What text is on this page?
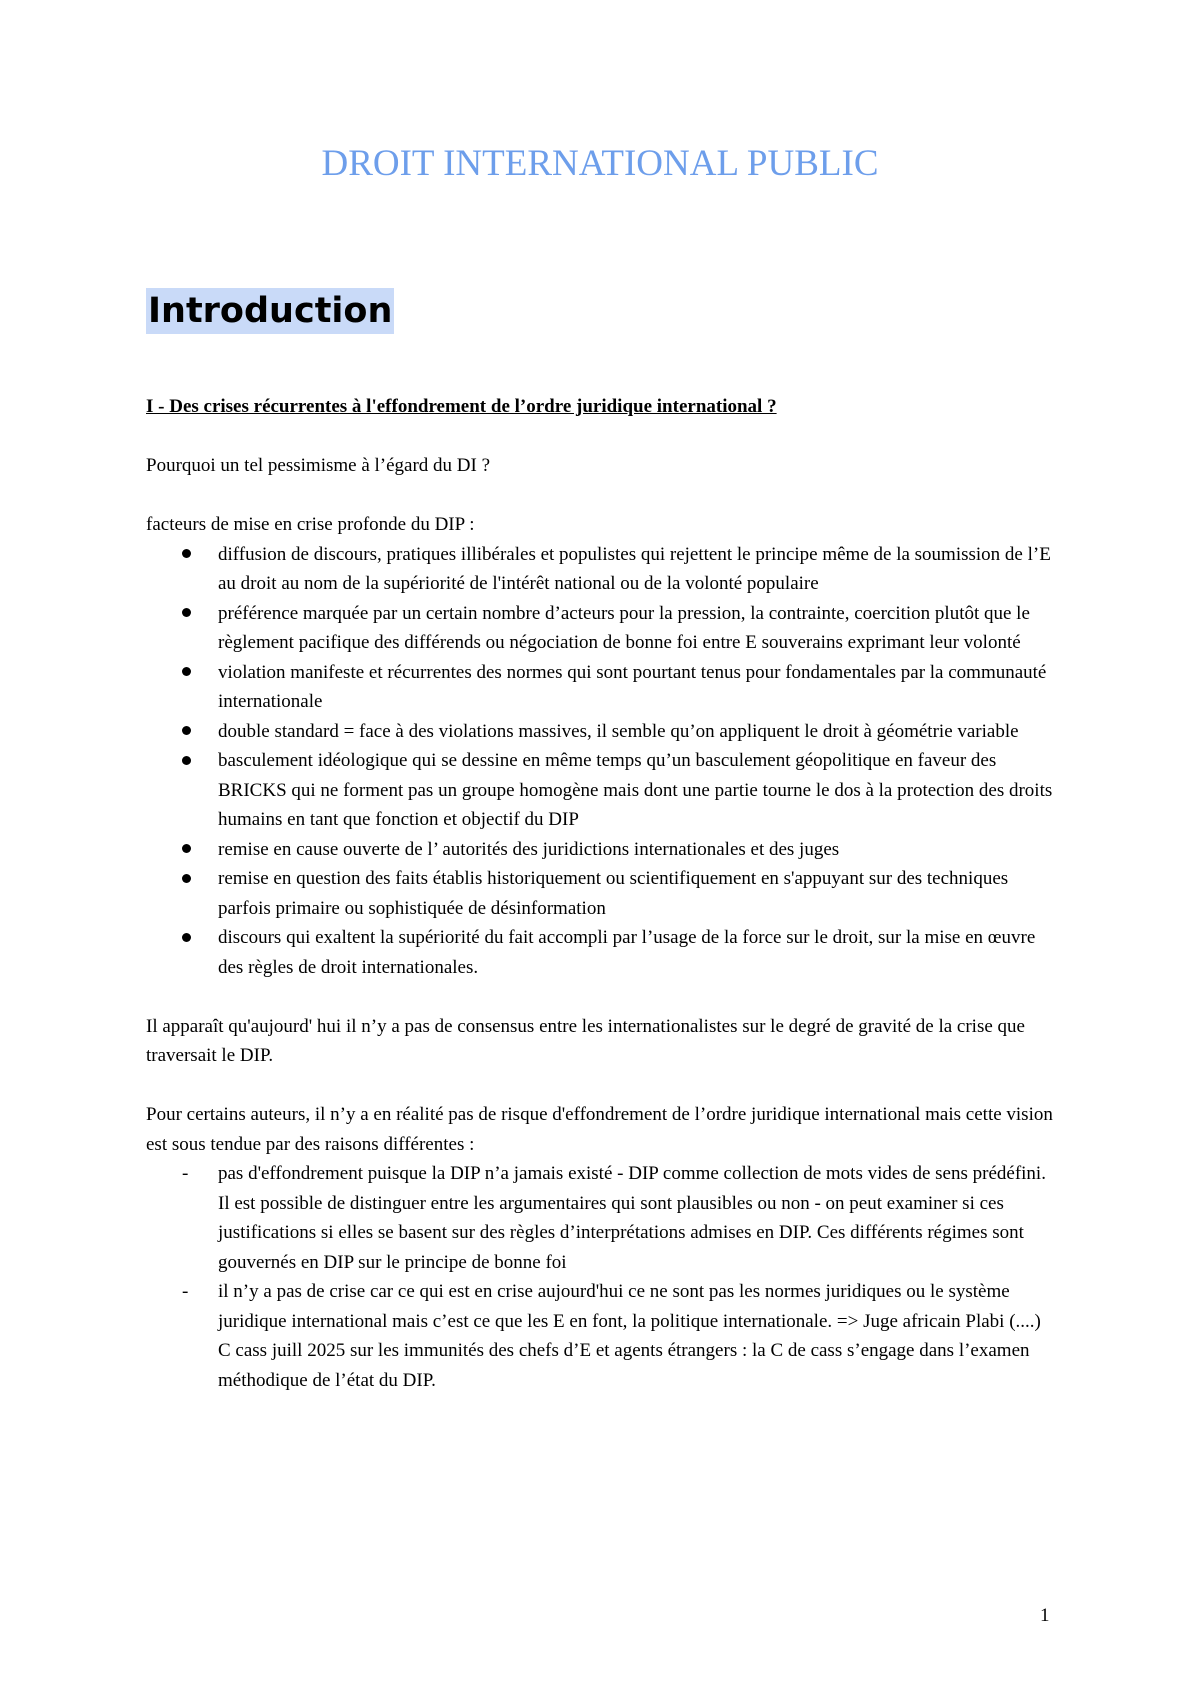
DROIT INTERNATIONAL PUBLIC
Introduction

I - Des crises récurrentes à l'effondrement de l’ordre juridique international ?

Pourquoi un tel pessimisme à l’égard du DI ?

facteurs de mise en crise profonde du DIP :

diffusion de discours, pratiques illibérales et populistes qui rejettent le principe même de la soumission de l’E au droit au nom de la supériorité de l'intérêt national ou de la volonté populaire
préférence marquée par un certain nombre d’acteurs pour la pression, la contrainte, coercition plutôt que le règlement pacifique des différends ou négociation de bonne foi entre E souverains exprimant leur volonté
violation manifeste et récurrentes des normes qui sont pourtant tenus pour fondamentales par la communauté internationale
double standard = face à des violations massives, il semble qu’on appliquent le droit à géométrie variable
basculement idéologique qui se dessine en même temps qu’un basculement géopolitique en faveur des BRICKS qui ne forment pas un groupe homogène mais dont une partie tourne le dos à la protection des droits humains en tant que fonction et objectif du DIP
remise en cause ouverte de l’ autorités des juridictions internationales et des juges
remise en question des faits établis historiquement ou scientifiquement en s'appuyant sur des techniques parfois primaire ou sophistiquée de désinformation
discours qui exaltent la supériorité du fait accompli par l’usage de la force sur le droit, sur la mise en œuvre des règles de droit internationales.

Il apparaît qu'aujourd' hui il n’y a pas de consensus entre les internationalistes sur le degré de gravité de la crise que traversait le DIP.

Pour certains auteurs, il n’y a en réalité pas de risque d'effondrement de l’ordre juridique international mais cette vision est sous tendue par des raisons différentes :

-	pas d'effondrement puisque la DIP n’a jamais existé - DIP comme collection de mots vides de sens prédéfini. Il est possible de distinguer entre les argumentaires qui sont plausibles ou non - on peut examiner si ces justifications si elles se basent sur des règles d’interprétations admises en DIP. Ces différents régimes sont gouvernés en DIP sur le principe de bonne foi
-	il n’y a pas de crise car ce qui est en crise aujourd'hui ce ne sont pas les normes juridiques ou le système juridique international mais c’est ce que les E en font, la politique internationale. => Juge africain Plabi (....) C cass juill 2025 sur les immunités des chefs d’E et agents étrangers : la C de cass s’engage dans l’examen méthodique de l’état du DIP.
1
